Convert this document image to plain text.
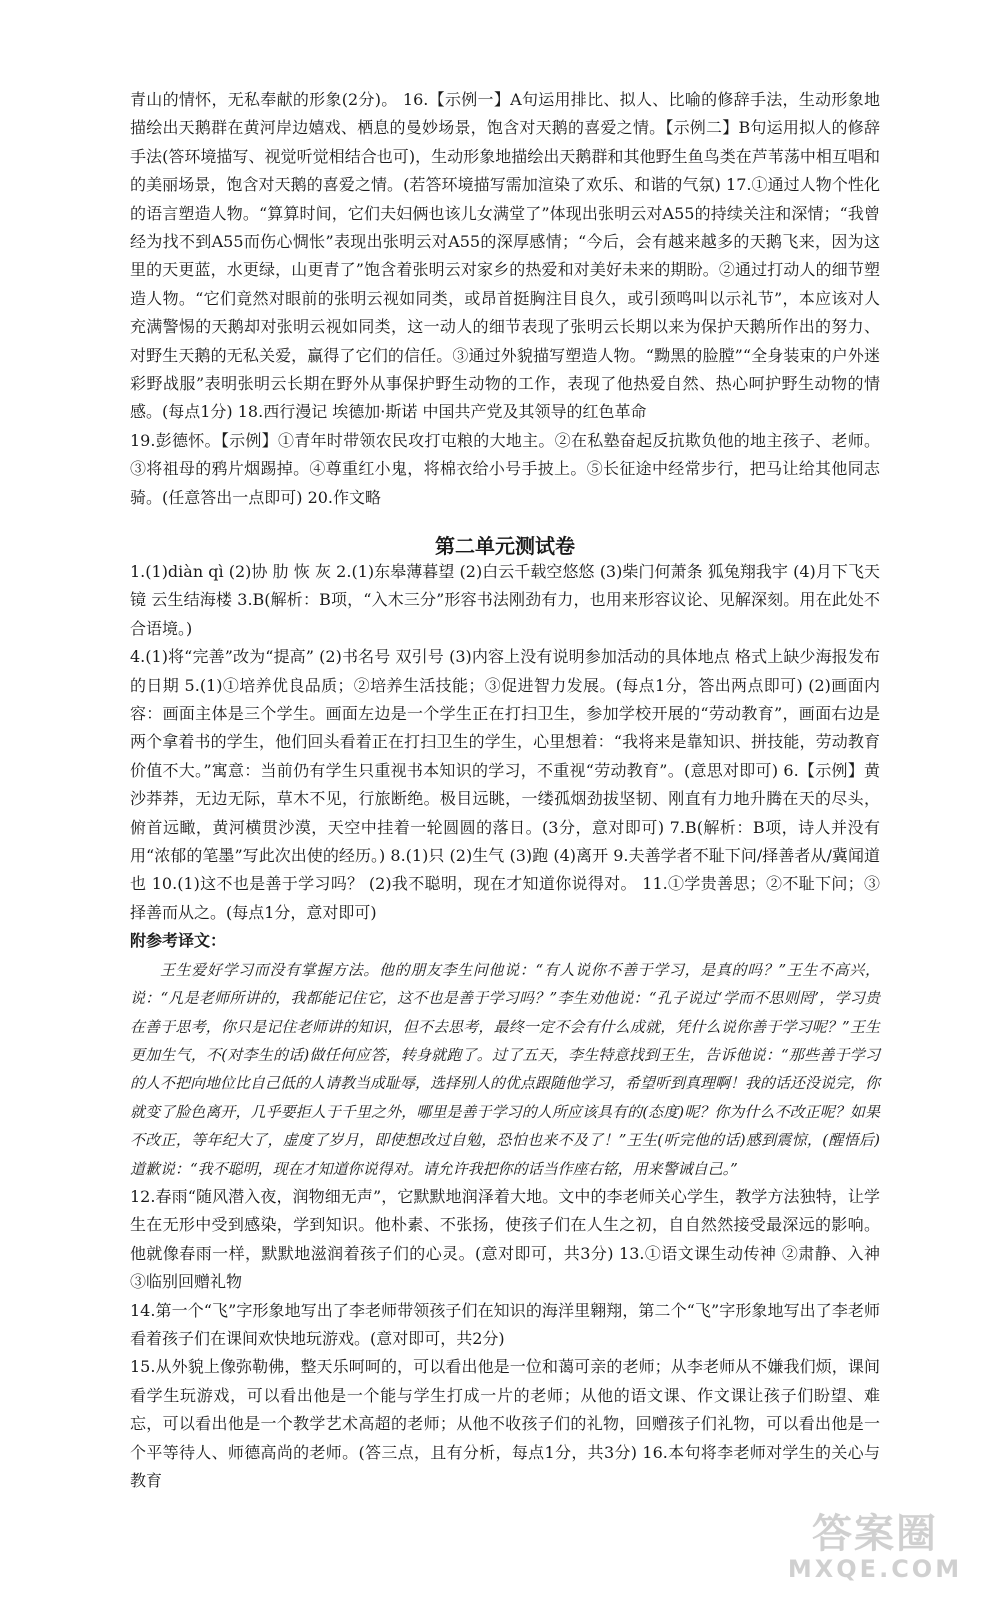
青山的情怀，无私奉献的形象(2分)。 16.【示例一】A句运用排比、拟人、比喻的修辞手法，生动形象地描绘出天鹅群在黄河岸边嬉戏、栖息的曼妙场景，饱含对天鹅的喜爱之情。【示例二】B句运用拟人的修辞手法(答环境描写、视觉听觉相结合也可)，生动形象地描绘出天鹅群和其他野生鱼鸟类在芦苇荡中相互唱和的美丽场景，饱含对天鹅的喜爱之情。(若答环境描写需加渲染了欢乐、和谐的气氛) 17.①通过人物个性化的语言塑造人物。“算算时间，它们夫妇俩也该儿女满堂了”体现出张明云对A55的持续关注和深情；“我曾经为找不到A55而伤心惆怅”表现出张明云对A55的深厚感情；“今后，会有越来越多的天鹅飞来，因为这里的天更蓝，水更绿，山更青了”饱含着张明云对家乡的热爱和对美好未来的期盼。②通过打动人的细节塑造人物。“它们竟然对眼前的张明云视如同类，或昂首挺胸注目良久，或引颈鸣叫以示礼节”，本应该对人充满警惕的天鹅却对张明云视如同类，这一动人的细节表现了张明云长期以来为保护天鹅所作出的努力、对野生天鹅的无私关爱，赢得了它们的信任。③通过外貌描写塑造人物。“黝黑的脸膛”“全身装束的户外迷彩野战服”表明张明云长期在野外从事保护野生动物的工作，表现了他热爱自然、热心呵护野生动物的情感。(每点1分) 18.西行漫记 埃德加·斯诺 中国共产党及其领导的红色革命

19.彭德怀。【示例】①青年时带领农民攻打屯粮的大地主。②在私塾奋起反抗欺负他的地主孩子、老师。③将祖母的鸦片烟踢掉。④尊重红小鬼，将棉衣给小号手披上。⑤长征途中经常步行，把马让给其他同志骑。(任意答出一点即可) 20.作文略

第二单元测试卷

1.(1)diàn qì (2)协 肋 恢 灰 2.(1)东皋薄暮望 (2)白云千载空悠悠 (3)柴门何萧条 狐兔翔我宇 (4)月下飞天镜 云生结海楼 3.B(解析：B项，“入木三分”形容书法刚劲有力，也用来形容议论、见解深刻。用在此处不合语境。)

4.(1)将“完善”改为“提高” (2)书名号 双引号 (3)内容上没有说明参加活动的具体地点 格式上缺少海报发布的日期 5.(1)①培养优良品质；②培养生活技能；③促进智力发展。(每点1分，答出两点即可) (2)画面内容：画面主体是三个学生。画面左边是一个学生正在打扫卫生，参加学校开展的“劳动教育”，画面右边是两个拿着书的学生，他们回头看着正在打扫卫生的学生，心里想着：“我将来是靠知识、拼技能，劳动教育价值不大。”寓意：当前仍有学生只重视书本知识的学习，不重视“劳动教育”。(意思对即可) 6.【示例】黄沙莽莽，无边无际，草木不见，行旅断绝。极目远眺，一缕孤烟劲拔坚韧、刚直有力地升腾在天的尽头，俯首远瞰，黄河横贯沙漠，天空中挂着一轮圆圆的落日。(3分，意对即可) 7.B(解析：B项，诗人并没有用“浓郁的笔墨”写此次出使的经历。) 8.(1)只 (2)生气 (3)跑 (4)离开 9.夫善学者不耻下问/择善者从/冀闻道也 10.(1)这不也是善于学习吗？ (2)我不聪明，现在才知道你说得对。 11.①学贵善思；②不耻下问；③择善而从之。(每点1分，意对即可)

附参考译文：

王生爱好学习而没有掌握方法。他的朋友李生问他说：“有人说你不善于学习，是真的吗？”王生不高兴，说：“凡是老师所讲的，我都能记住它，这不也是善于学习吗？”李生劝他说：“孔子说过‘学而不思则罔’，学习贵在善于思考，你只是记住老师讲的知识，但不去思考，最终一定不会有什么成就，凭什么说你善于学习呢？”王生更加生气，不(对李生的话)做任何应答，转身就跑了。过了五天，李生特意找到王生，告诉他说：“那些善于学习的人不把向地位比自己低的人请教当成耻辱，选择别人的优点跟随他学习，希望听到真理啊！我的话还没说完，你就变了脸色离开，几乎要拒人于千里之外，哪里是善于学习的人所应该具有的(态度)呢？你为什么不改正呢？如果不改正，等年纪大了，虚度了岁月，即使想改过自勉，恐怕也来不及了！”王生(听完他的话)感到震惊，(醒悟后)道歉说：“我不聪明，现在才知道你说得对。请允许我把你的话当作座右铭，用来警诫自己。”

12.春雨“随风潜入夜，润物细无声”，它默默地润泽着大地。文中的李老师关心学生，教学方法独特，让学生在无形中受到感染，学到知识。他朴素、不张扬，使孩子们在人生之初，自自然然接受最深远的影响。他就像春雨一样，默默地滋润着孩子们的心灵。(意对即可，共3分) 13.①语文课生动传神 ②肃静、入神 ③临别回赠礼物

14.第一个“飞”字形象地写出了李老师带领孩子们在知识的海洋里翱翔，第二个“飞”字形象地写出了李老师看着孩子们在课间欢快地玩游戏。(意对即可，共2分)

15.从外貌上像弥勒佛，整天乐呵呵的，可以看出他是一位和蔼可亲的老师；从李老师从不嫌我们烦，课间看学生玩游戏，可以看出他是一个能与学生打成一片的老师；从他的语文课、作文课让孩子们盼望、难忘，可以看出他是一个教学艺术高超的老师；从他不收孩子们的礼物，回赠孩子们礼物，可以看出他是一个平等待人、师德高尚的老师。(答三点，且有分析，每点1分，共3分) 16.本句将李老师对学生的关心与教育

答案圈
MXQE.COM
